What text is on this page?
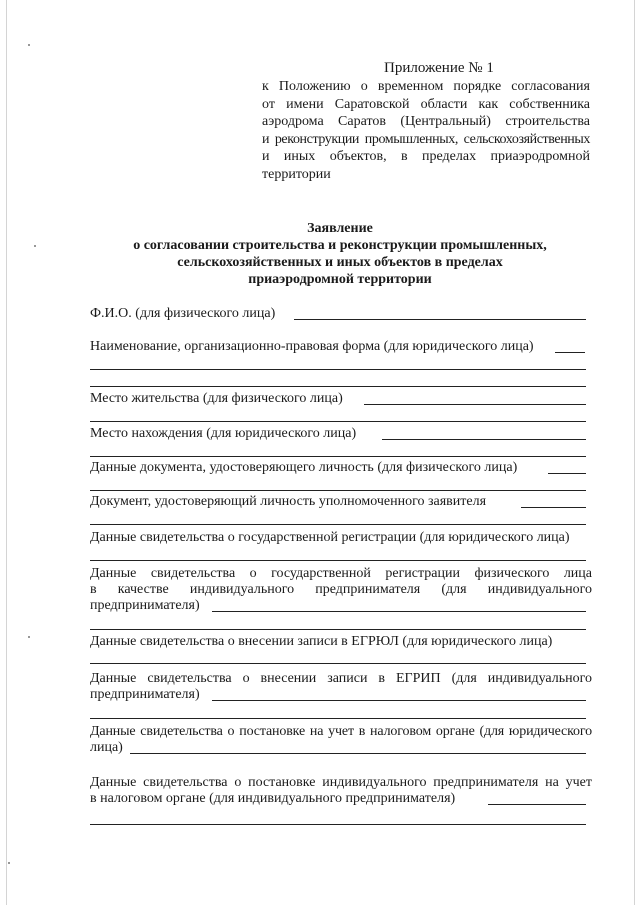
Приложение № 1
к Положению о временном порядке согласования
от имени Саратовской области как собственника
аэродрома Саратов (Центральный) строительства
и реконструкции промышленных, сельскохозяйственных
и иных объектов, в пределах приаэродромной
территории
Заявление
о согласовании строительства и реконструкции промышленных,
сельскохозяйственных и иных объектов в пределах
приаэродромной территории
Ф.И.О. (для физического лица)
Наименование, организационно-правовая форма (для юридического лица)
Место жительства (для физического лица)
Место нахождения (для юридического лица)
Данные документа, удостоверяющего личность (для физического лица)
Документ, удостоверяющий личность уполномоченного заявителя
Данные свидетельства о государственной регистрации (для юридического лица)
Данные свидетельства о государственной регистрации физического лица
в качестве индивидуального предпринимателя (для индивидуального
предпринимателя)
Данные свидетельства о внесении записи в ЕГРЮЛ (для юридического лица)
Данные свидетельства о внесении записи в ЕГРИП (для индивидуального
предпринимателя)
Данные свидетельства о постановке на учет в налоговом органе (для юридического
лица)
Данные свидетельства о постановке индивидуального предпринимателя на учет
в налоговом органе (для индивидуального предпринимателя)
